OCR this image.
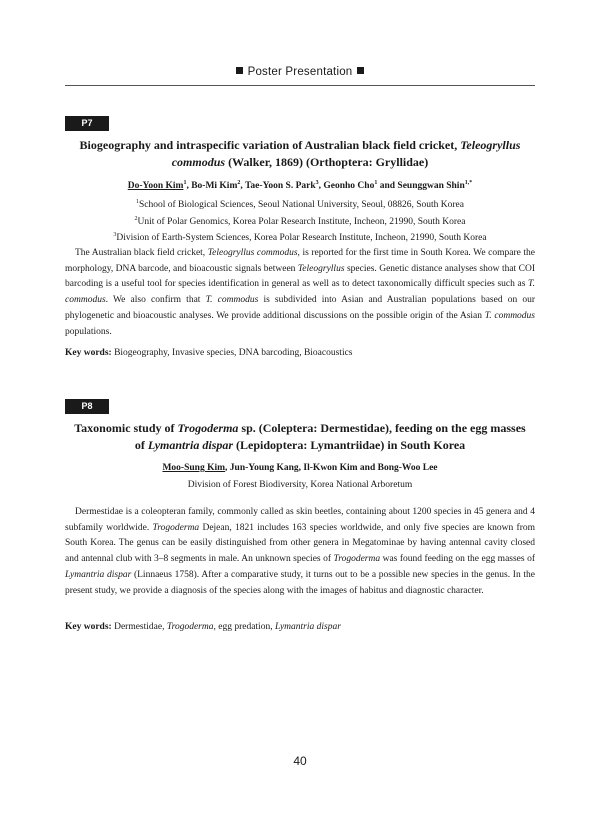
Poster Presentation
P7
Biogeography and intraspecific variation of Australian black field cricket, Teleogryllus
commodus (Walker, 1869) (Orthoptera: Gryllidae)
Do-Yoon Kim$^1$, Bo-Mi Kim$^2$, Tae-Yoon S. Park$^3$, Geonho Cho$^1$ and Seunggwan Shin$^{1,*}$
$^1$School of Biological Sciences, Seoul National University, Seoul, 08826, South Korea
$^2$Unit of Polar Genomics, Korea Polar Research Institute, Incheon, 21990, South Korea
$^3$Division of Earth-System Sciences, Korea Polar Research Institute, Incheon, 21990, South Korea

The Australian black field cricket, Teleogryllus commodus, is reported for the first time in South Korea. We compare the morphology, DNA barcode, and bioacoustic signals between Teleogryllus species. Genetic distance analyses show that COI barcoding is a useful tool for species identification in general as well as to detect taxonomically difficult species such as T. commodus. We also confirm that T. commodus is subdivided into Asian and Australian populations based on our phylogenetic and bioacoustic analyses. We provide additional discussions on the possible origin of the Asian T. commodus populations.

Key words: Biogeography, Invasive species, DNA barcoding, Bioacoustics
P8
Taxonomic study of Trogoderma sp. (Coleptera: Dermestidae), feeding on the egg masses
of Lymantria dispar (Lepidoptera: Lymantriidae) in South Korea
Moo-Sung Kim, Jun-Young Kang, Il-Kwon Kim and Bong-Woo Lee
Division of Forest Biodiversity, Korea National Arboretum

Dermestidae is a coleopteran family, commonly called as skin beetles, containing about 1200 species in 45 genera and 4 subfamily worldwide. Trogoderma Dejean, 1821 includes 163 species worldwide, and only five species are known from South Korea. The genus can be easily distinguished from other genera in Megatominae by having antennal cavity closed and antennal club with 3–8 segments in male. An unknown species of Trogoderma was found feeding on the egg masses of Lymantria dispar (Linnaeus 1758). After a comparative study, it turns out to be a possible new species in the genus. In the present study, we provide a diagnosis of the species along with the images of habitus and diagnostic character.

Key words: Dermestidae, Trogoderma, egg predation, Lymantria dispar
40
